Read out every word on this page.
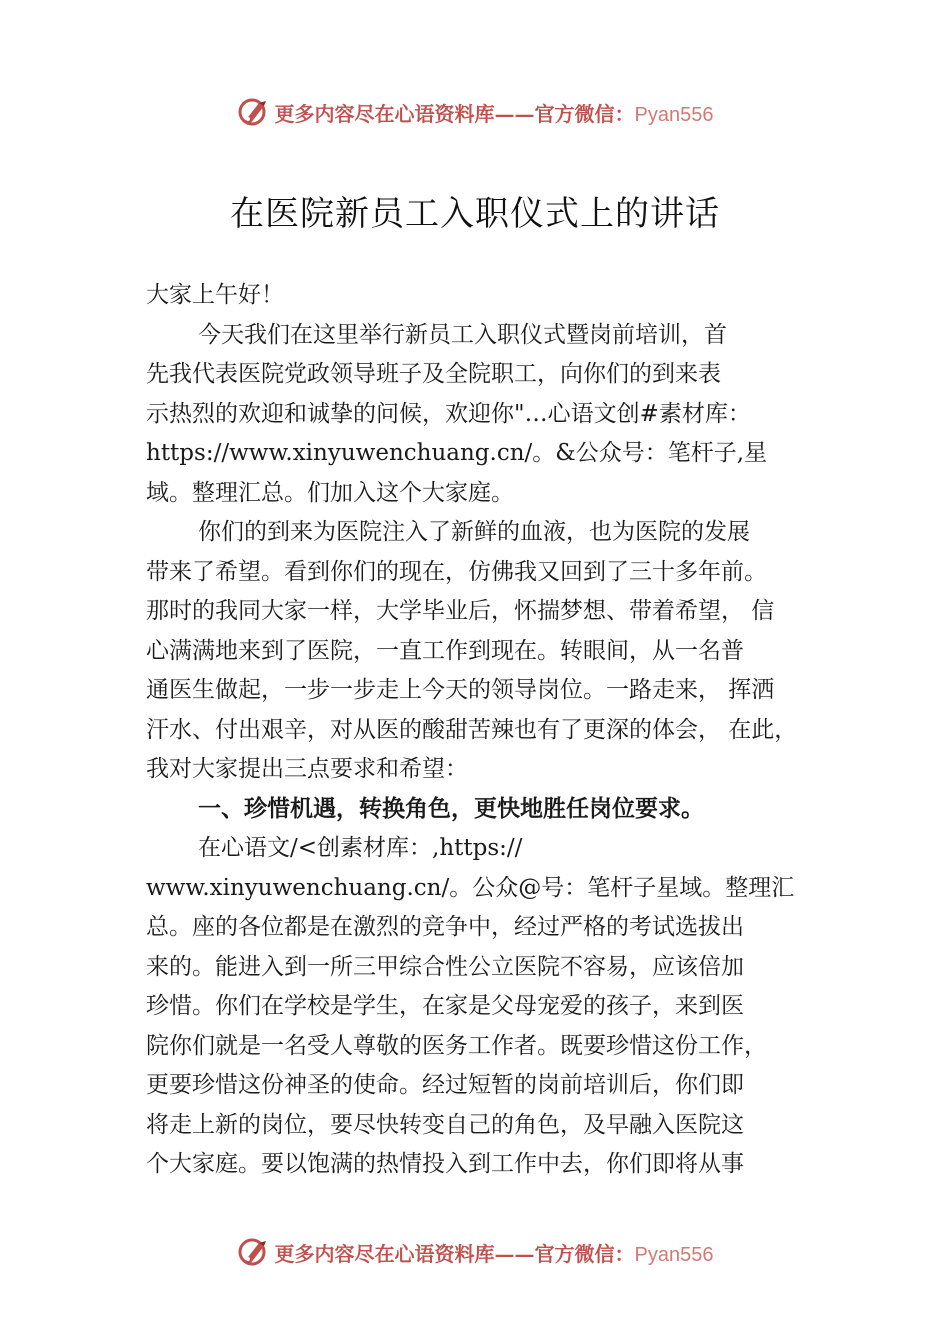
更多内容尽在心语资料库——官方微信：Pyan556
在医院新员工入职仪式上的讲话
大家上午好！
今天我们在这里举行新员工入职仪式暨岗前培训，首
先我代表医院党政领导班子及全院职工，向你们的到来表
示热烈的欢迎和诚挚的问候，欢迎你"…心语文创#素材库：
https://www.xinyuwenchuang.cn/。&公众号：笔杆子,星
域。整理汇总。们加入这个大家庭。
你们的到来为医院注入了新鲜的血液，也为医院的发展
带来了希望。看到你们的现在，仿佛我又回到了三十多年前。
那时的我同大家一样，大学毕业后，怀揣梦想、带着希望， 信
心满满地来到了医院，一直工作到现在。转眼间，从一名普
通医生做起，一步一步走上今天的领导岗位。一路走来， 挥洒
汗水、付出艰辛，对从医的酸甜苦辣也有了更深的体会， 在此，
我对大家提出三点要求和希望：
一、珍惜机遇，转换角色，更快地胜任岗位要求。
在心语文/<创素材库：,https://
www.xinyuwenchuang.cn/。公众@号：笔杆子星域。整理汇
总。座的各位都是在激烈的竞争中，经过严格的考试选拔出
来的。能进入到一所三甲综合性公立医院不容易，应该倍加
珍惜。你们在学校是学生，在家是父母宠爱的孩子，来到医
院你们就是一名受人尊敬的医务工作者。既要珍惜这份工作，
更要珍惜这份神圣的使命。经过短暂的岗前培训后，你们即
将走上新的岗位，要尽快转变自己的角色，及早融入医院这
个大家庭。要以饱满的热情投入到工作中去，你们即将从事
更多内容尽在心语资料库——官方微信：Pyan556
